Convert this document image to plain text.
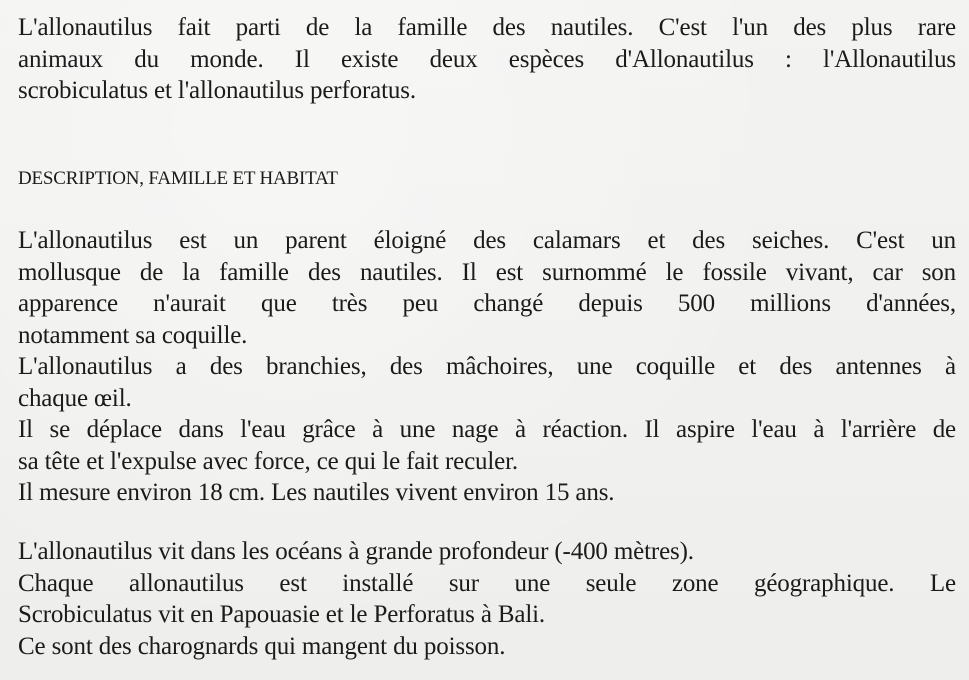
L'allonautilus fait parti de la famille des nautiles. C'est l'un des plus rare
animaux du monde. Il existe deux espèces d'Allonautilus : l'Allonautilus
scrobiculatus et l'allonautilus perforatus.
DESCRIPTION, FAMILLE ET HABITAT
L'allonautilus est un parent éloigné des calamars et des seiches. C'est un
mollusque de la famille des nautiles. Il est surnommé le fossile vivant, car son
apparence n'aurait que très peu changé depuis 500 millions d'années,
notamment sa coquille.
L'allonautilus a des branchies, des mâchoires, une coquille et des antennes à
chaque œil.
Il se déplace dans l'eau grâce à une nage à réaction. Il aspire l'eau à l'arrière de
sa tête et l'expulse avec force, ce qui le fait reculer.
Il mesure environ 18 cm. Les nautiles vivent environ 15 ans.
L'allonautilus vit dans les océans à grande profondeur (-400 mètres).
Chaque allonautilus est installé sur une seule zone géographique. Le
Scrobiculatus vit en Papouasie et le Perforatus à Bali.
Ce sont des charognards qui mangent du poisson.
